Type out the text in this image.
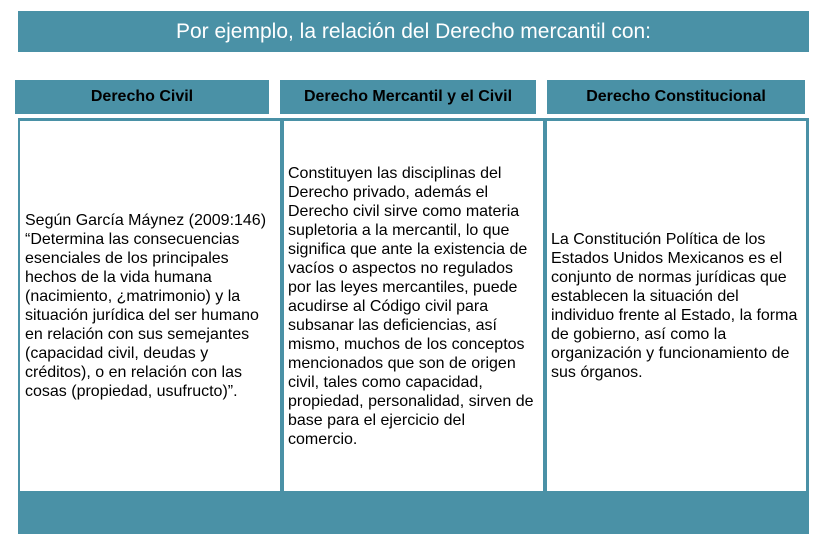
Por ejemplo, la relación del Derecho mercantil con:
Derecho Civil	Derecho Mercantil y el Civil	Derecho Constitucional
Según García Máynez (2009:146) “Determina las consecuencias esenciales de los principales hechos de la vida humana (nacimiento, ¿matrimonio) y la situación jurídica del ser humano en relación con sus semejantes (capacidad civil, deudas y créditos), o en relación con las cosas (propiedad, usufructo)”.
Constituyen las disciplinas del Derecho privado, además el Derecho civil sirve como materia supletoria a la mercantil, lo que significa que ante la existencia de vacíos o aspectos no regulados por las leyes mercantiles, puede acudirse al Código civil para subsanar las deficiencias, así mismo, muchos de los conceptos mencionados que son de origen civil, tales como capacidad, propiedad, personalidad, sirven de base para el ejercicio del comercio.
La Constitución Política de los Estados Unidos Mexicanos es el conjunto de normas jurídicas que establecen la situación del individuo frente al Estado, la forma de gobierno, así como la organización y funcionamiento de sus órganos.
